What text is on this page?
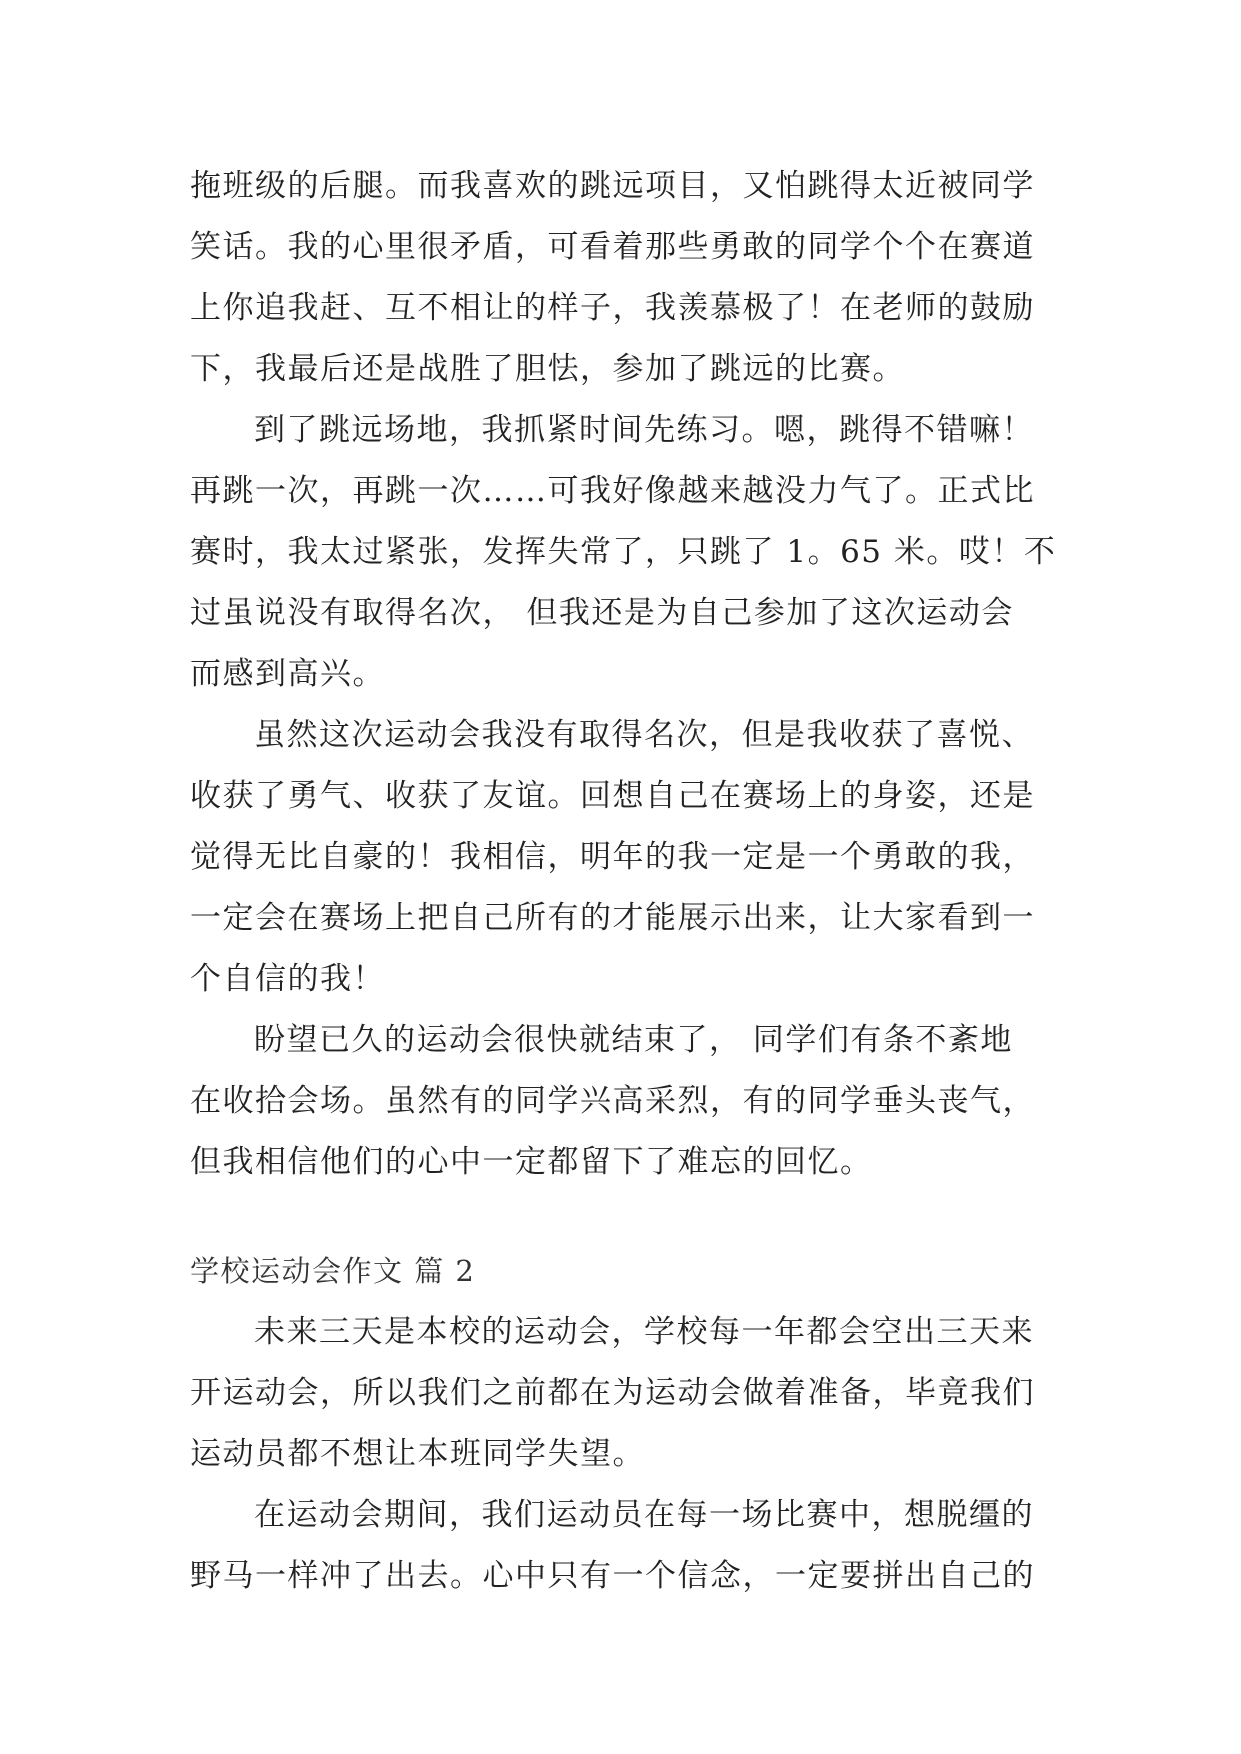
拖班级的后腿。而我喜欢的跳远项目，又怕跳得太近被同学
笑话。我的心里很矛盾，可看着那些勇敢的同学个个在赛道
上你追我赶、互不相让的样子，我羡慕极了！在老师的鼓励
下，我最后还是战胜了胆怯，参加了跳远的比赛。
到了跳远场地，我抓紧时间先练习。嗯，跳得不错嘛！
再跳一次，再跳一次……可我好像越来越没力气了。正式比
赛时，我太过紧张，发挥失常了，只跳了 1。65 米。哎！不
过虽说没有取得名次， 但我还是为自己参加了这次运动会
而感到高兴。
虽然这次运动会我没有取得名次，但是我收获了喜悦、
收获了勇气、收获了友谊。回想自己在赛场上的身姿，还是
觉得无比自豪的！我相信，明年的我一定是一个勇敢的我，
一定会在赛场上把自己所有的才能展示出来，让大家看到一
个自信的我！
盼望已久的运动会很快就结束了， 同学们有条不紊地
在收拾会场。虽然有的同学兴高采烈，有的同学垂头丧气，
但我相信他们的心中一定都留下了难忘的回忆。
学校运动会作文 篇 2
未来三天是本校的运动会，学校每一年都会空出三天来
开运动会，所以我们之前都在为运动会做着准备，毕竟我们
运动员都不想让本班同学失望。
在运动会期间，我们运动员在每一场比赛中，想脱缰的
野马一样冲了出去。心中只有一个信念，一定要拼出自己的
